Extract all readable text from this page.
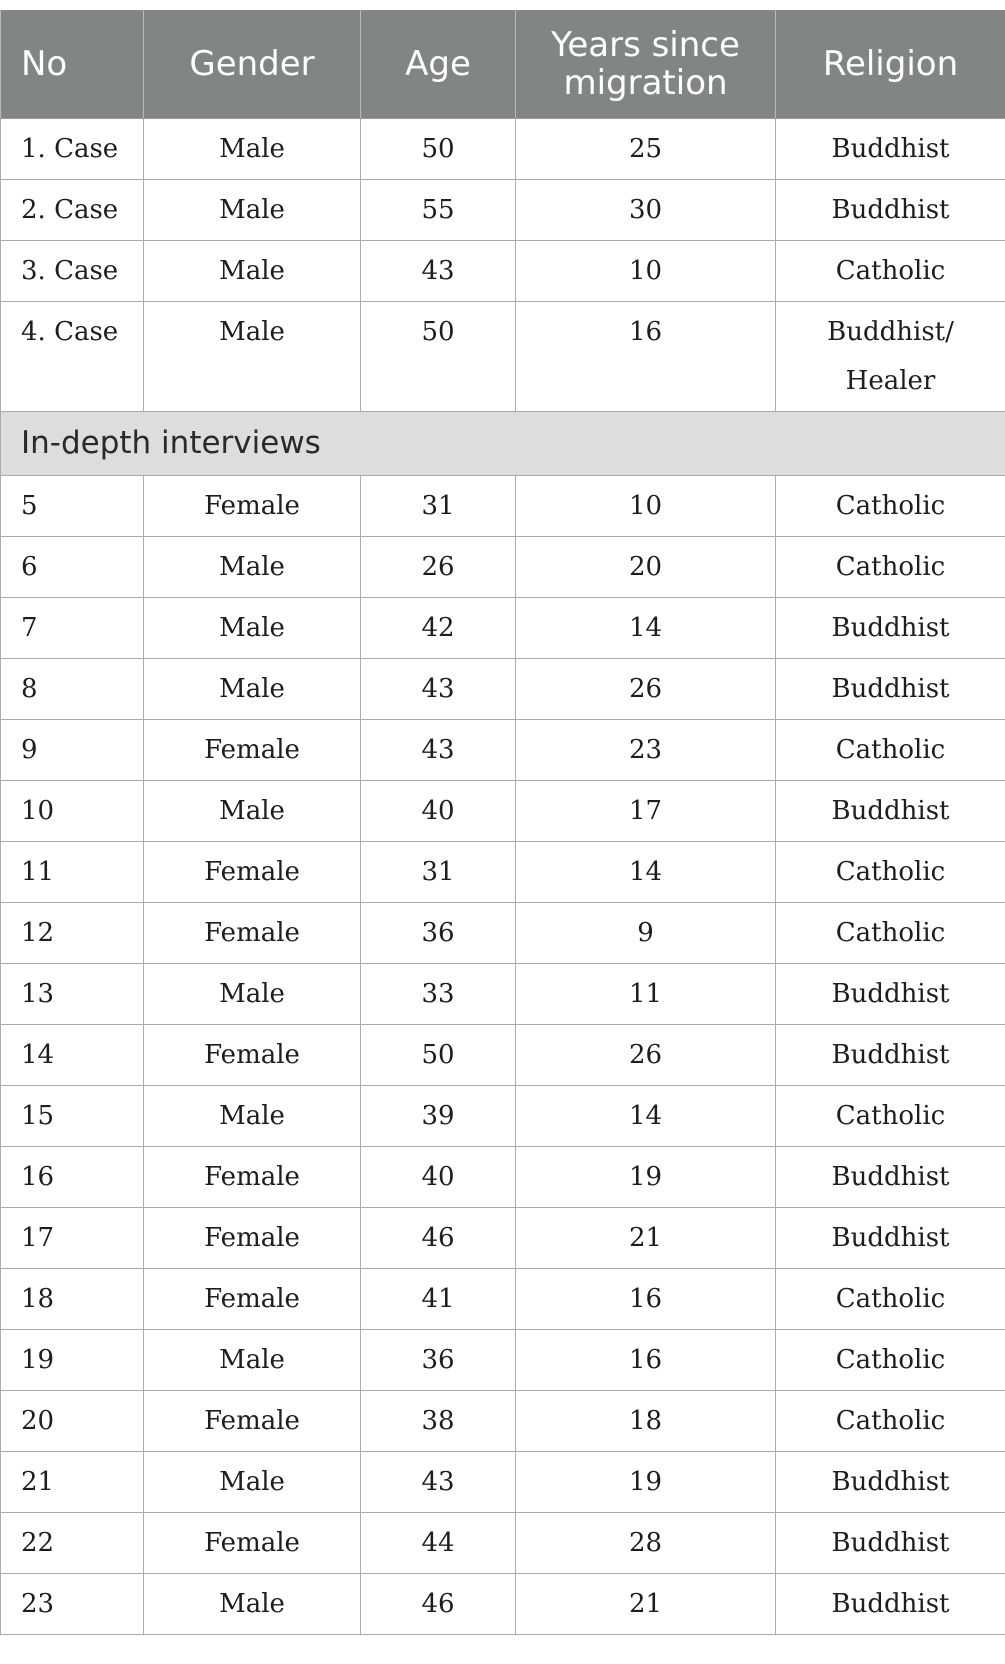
No	Gender	Age	Years since migration	Religion
1. Case	Male	50	25	Buddhist
2. Case	Male	55	30	Buddhist
3. Case	Male	43	10	Catholic
4. Case	Male	50	16	Buddhist/ Healer
In-depth interviews				
5	Female	31	10	Catholic
6	Male	26	20	Catholic
7	Male	42	14	Buddhist
8	Male	43	26	Buddhist
9	Female	43	23	Catholic
10	Male	40	17	Buddhist
11	Female	31	14	Catholic
12	Female	36	9	Catholic
13	Male	33	11	Buddhist
14	Female	50	26	Buddhist
15	Male	39	14	Catholic
16	Female	40	19	Buddhist
17	Female	46	21	Buddhist
18	Female	41	16	Catholic
19	Male	36	16	Catholic
20	Female	38	18	Catholic
21	Male	43	19	Buddhist
22	Female	44	28	Buddhist
23	Male	46	21	Buddhist
